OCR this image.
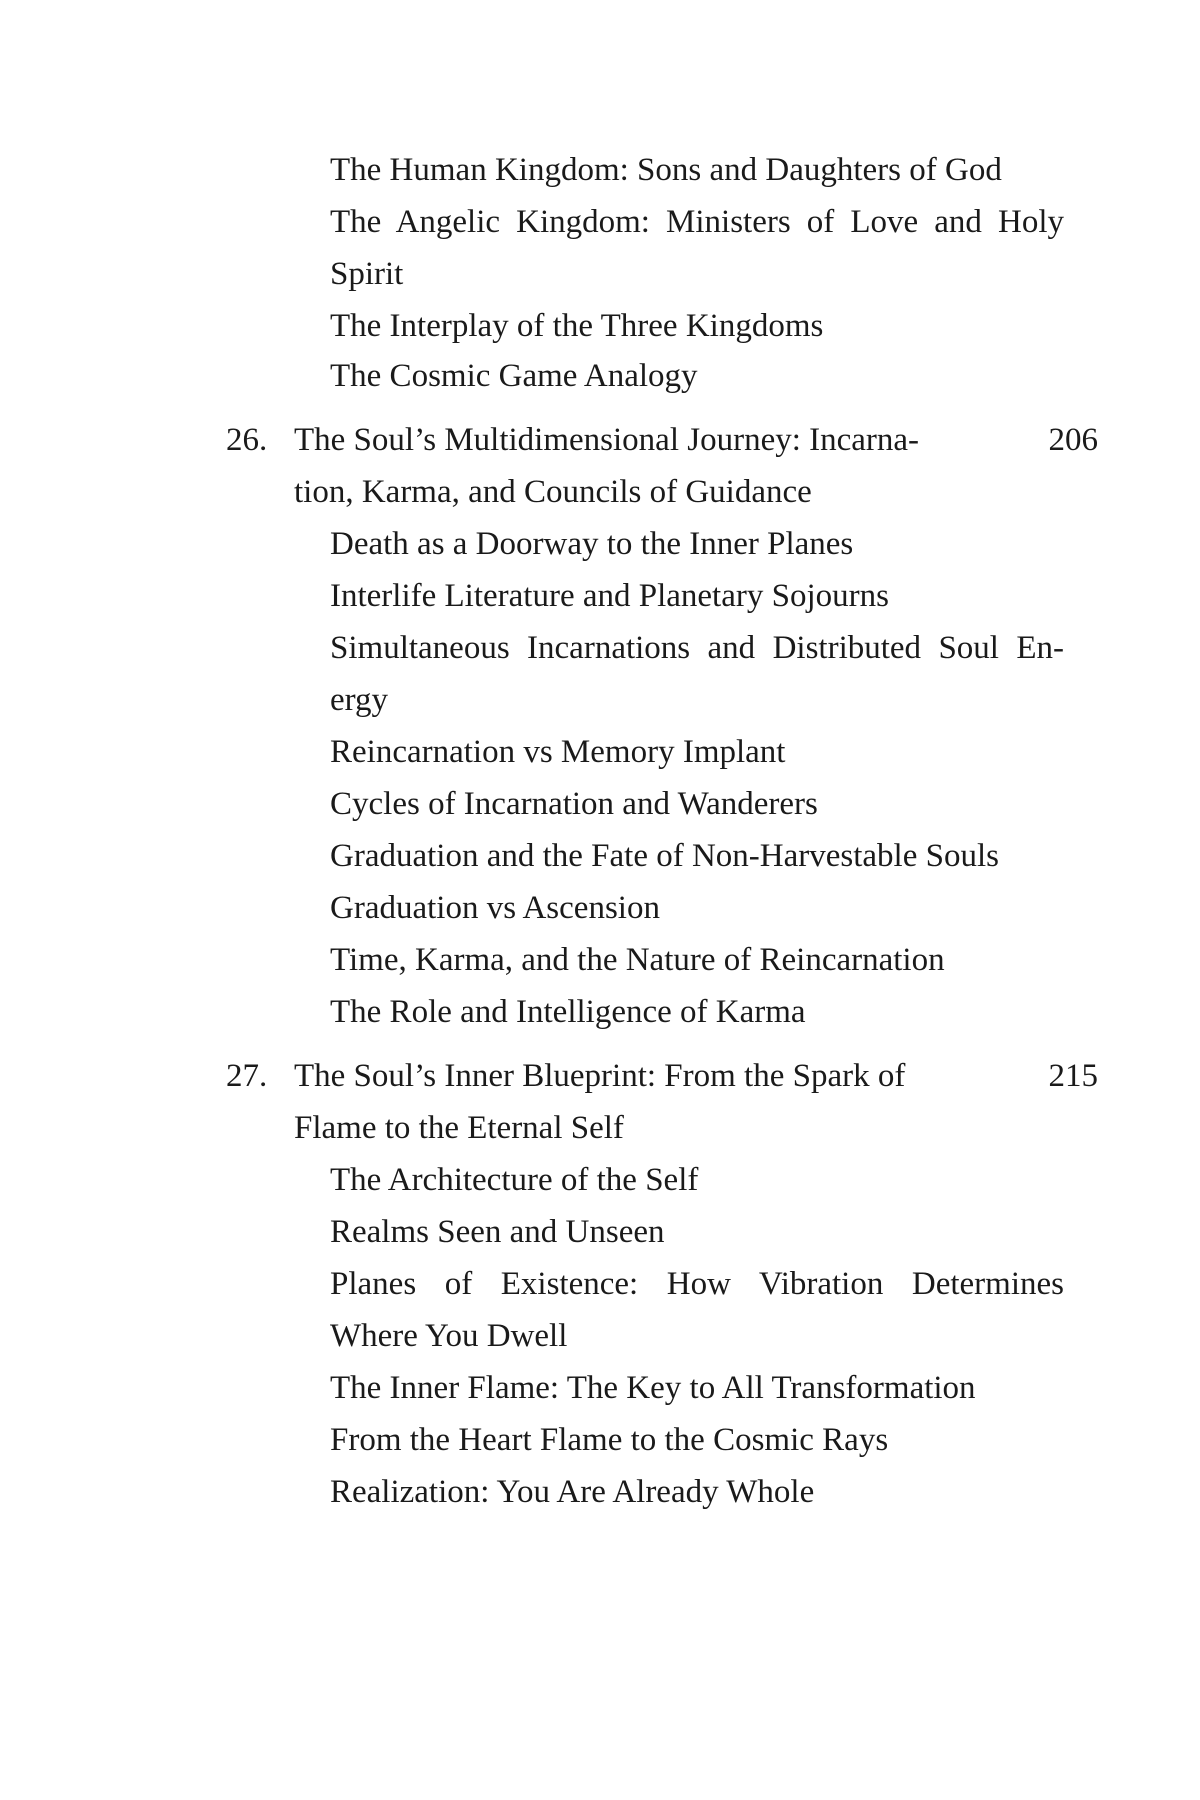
The Human Kingdom: Sons and Daughters of God
The Angelic Kingdom: Ministers of Love and Holy
Spirit
The Interplay of the Three Kingdoms
The Cosmic Game Analogy
26. The Soul’s Multidimensional Journey: Incarna-	206
tion, Karma, and Councils of Guidance
Death as a Doorway to the Inner Planes
Interlife Literature and Planetary Sojourns
Simultaneous Incarnations and Distributed Soul En-
ergy
Reincarnation vs Memory Implant
Cycles of Incarnation and Wanderers
Graduation and the Fate of Non-Harvestable Souls
Graduation vs Ascension
Time, Karma, and the Nature of Reincarnation
The Role and Intelligence of Karma
27. The Soul’s Inner Blueprint: From the Spark of	215
Flame to the Eternal Self
The Architecture of the Self
Realms Seen and Unseen
Planes of Existence: How Vibration Determines
Where You Dwell
The Inner Flame: The Key to All Transformation
From the Heart Flame to the Cosmic Rays
Realization: You Are Already Whole
